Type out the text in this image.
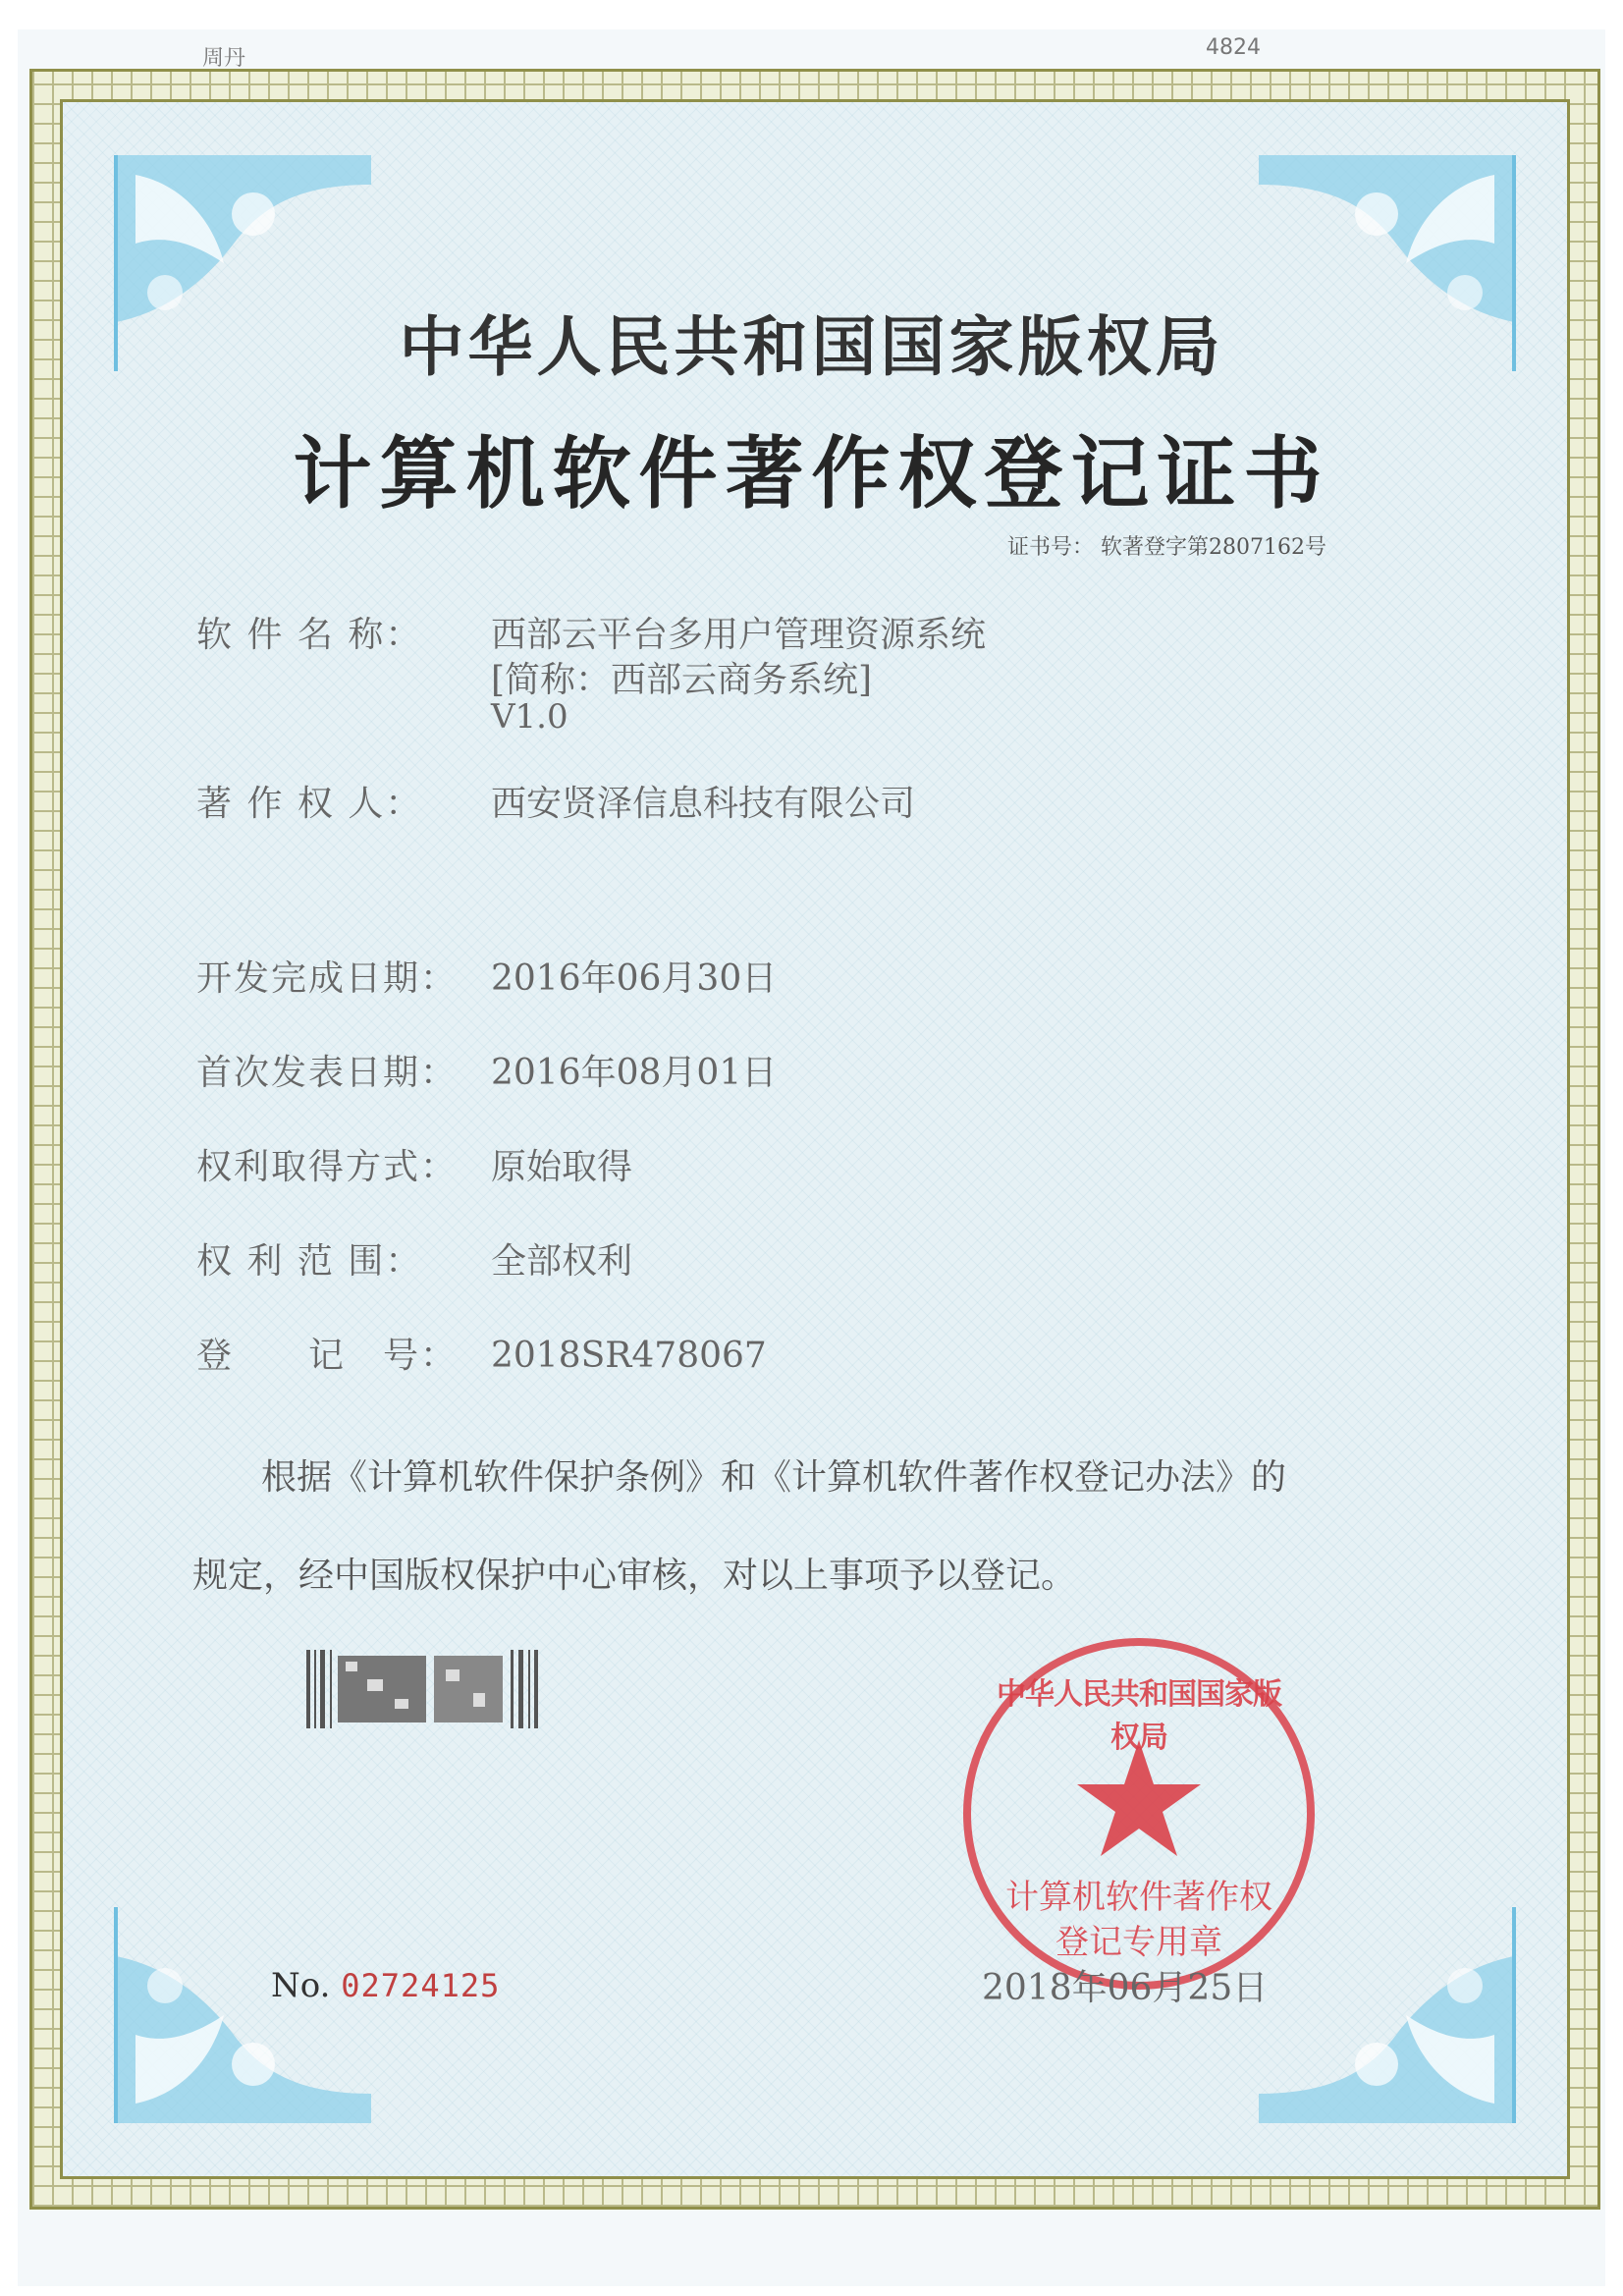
周丹	4824
中华人民共和国国家版权局
计算机软件著作权登记证书
证书号： 软著登字第2807162号
软 件 名 称： 西部云平台多用户管理资源系统
[简称：西部云商务系统]
V1.0
著 作 权 人： 西安贤泽信息科技有限公司
开发完成日期： 2016年06月30日
首次发表日期： 2016年08月01日
权利取得方式： 原始取得
权 利 范 围： 全部权利
登　　记　号： 2018SR478067
根据《计算机软件保护条例》和《计算机软件著作权登记办法》的
规定，经中国版权保护中心审核，对以上事项予以登记。
中华人民共和国国家版权局
计算机软件著作权
登记专用章
No. 02724125	2018年06月25日
